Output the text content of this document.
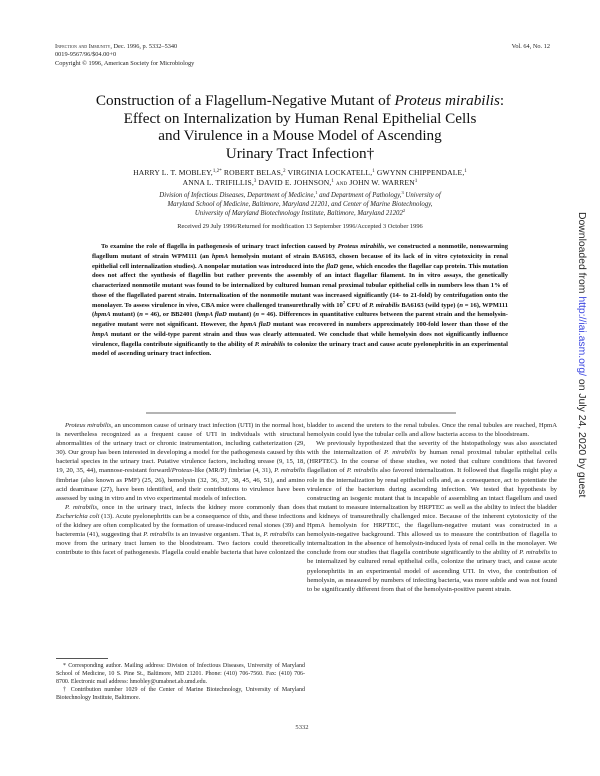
Infection and Immunity, Dec. 1996, p. 5332–5340
0019-9567/96/$04.00+0
Copyright © 1996, American Society for Microbiology
Vol. 64, No. 12
Construction of a Flagellum-Negative Mutant of Proteus mirabilis:
Effect on Internalization by Human Renal Epithelial Cells
and Virulence in a Mouse Model of Ascending
Urinary Tract Infection†
HARRY L. T. MOBLEY,$^{1,2*}$ ROBERT BELAS,$^2$ VIRGINIA LOCKATELL,$^1$ GWYNN CHIPPENDALE,$^1$
ANNA L. TRIFILLIS,$^3$ DAVID E. JOHNSON,$^1$ and JOHN W. WARREN$^1$
Division of Infectious Diseases, Department of Medicine,$^1$ and Department of Pathology,$^3$ University of
Maryland School of Medicine, Baltimore, Maryland 21201, and Center of Marine Biotechnology,
University of Maryland Biotechnology Institute, Baltimore, Maryland 21202$^2$
Received 29 July 1996/Returned for modification 13 September 1996/Accepted 3 October 1996
To examine the role of flagella in pathogenesis of urinary tract infection caused by Proteus mirabilis, we constructed a nonmotile, nonswarming flagellum mutant of strain WPM111 (an hpmA hemolysin mutant of strain BA6163, chosen because of its lack of in vitro cytotoxicity in renal epithelial cell internalization studies). A nonpolar mutation was introduced into the flaD gene, which encodes the flagellar cap protein. This mutation does not affect the synthesis of flagellin but rather prevents the assembly of an intact flagellar filament. In in vitro assays, the genetically characterized nonmotile mutant was found to be internalized by cultured human renal proximal tubular epithelial cells in numbers less than 1% of those of the flagellated parent strain. Internalization of the nonmotile mutant was increased significantly (14- to 21-fold) by centrifugation onto the monolayer. To assess virulence in vivo, CBA mice were challenged transurethrally with $10^7$ CFU of P. mirabilis BA6163 (wild type) (n = 16), WPM111 (hpmA mutant) (n = 46), or BB2401 (hmpA flaD mutant) (n = 46). Differences in quantitative cultures between the parent strain and the hemolysin-negative mutant were not significant. However, the hpmA flaD mutant was recovered in numbers approximately 100-fold lower than those of the hmpA mutant or the wild-type parent strain and thus was clearly attenuated. We conclude that while hemolysin does not significantly influence virulence, flagella contribute significantly to the ability of P. mirabilis to colonize the urinary tract and cause acute pyelonephritis in an experimental model of ascending urinary tract infection.

Proteus mirabilis, an uncommon cause of urinary tract infection (UTI) in the normal host, is nevertheless recognized as a frequent cause of UTI in individuals with structural abnormalities of the urinary tract or chronic instrumentation, including catheterization (29, 30). Our group has been interested in developing a model for the pathogenesis caused by this bacterial species in the urinary tract. Putative virulence factors, including urease (9, 15, 18, 19, 20, 35, 44), mannose-resistant forward/Proteus-like (MR/P) fimbriae (4, 31), P. mirabilis fimbriae (also known as PMF) (25, 26), hemolysin (32, 36, 37, 38, 45, 46, 51), and amino acid deaminase (27), have been identified, and their contributions to virulence have been assessed by using in vitro and in vivo experimental models of infection.

P. mirabilis, once in the urinary tract, infects the kidney more commonly than does Escherichia coli (13). Acute pyelonephritis can be a consequence of this, and these infections of the kidney are often complicated by the formation of urease-induced renal stones (39) and bacteremia (41), suggesting that P. mirabilis is an invasive organism. That is, P. mirabilis can move from the urinary tract lumen to the bloodstream. Two factors could theoretically contribute to this facet of pathogenesis. Flagella could enable bacteria that have colonized the

bladder to ascend the ureters to the renal tubules. Once the renal tubules are reached, HpmA hemolysin could lyse the tubular cells and allow bacteria access to the bloodstream.

We previously hypothesized that the severity of the histopathology was also associated with the internalization of P. mirabilis by human renal proximal tubular epithelial cells (HRPTEC). In the course of these studies, we noted that culture conditions that favored flagellation of P. mirabilis also favored internalization. It followed that flagella might play a role in the internalization by renal epithelial cells and, as a consequence, act to potentiate the virulence of the bacterium during ascending infection. We tested that hypothesis by constructing an isogenic mutant that is incapable of assembling an intact flagellum and used that mutant to measure internalization by HRPTEC as well as the ability to infect the bladder and kidneys of transurethrally challenged mice. Because of the inherent cytotoxicity of the HpmA hemolysin for HRPTEC, the flagellum-negative mutant was constructed in a hemolysin-negative background. This allowed us to measure the contribution of flagella to internalization in the absence of hemolysin-induced lysis of renal cells in the monolayer. We conclude from our studies that flagella contribute significantly to the ability of P. mirabilis to be internalized by cultured renal epithelial cells, colonize the urinary tract, and cause acute pyelonephritis in an experimental model of ascending UTI. In vivo, the contribution of hemolysin, as measured by numbers of infecting bacteria, was more subtle and was not found to be significantly different from that of the hemolysin-positive parent strain.

* Corresponding author. Mailing address: Division of Infectious Diseases, University of Maryland School of Medicine, 10 S. Pine St., Baltimore, MD 21201. Phone: (410) 706-7560. Fax: (410) 706-8700. Electronic mail address: hmobley@umabnet.ab.umd.edu.

† Contribution number 1029 of the Center of Marine Biotechnology, University of Maryland Biotechnology Institute, Baltimore.

5332
Downloaded from http://iai.asm.org/ on July 24, 2020 by guest
